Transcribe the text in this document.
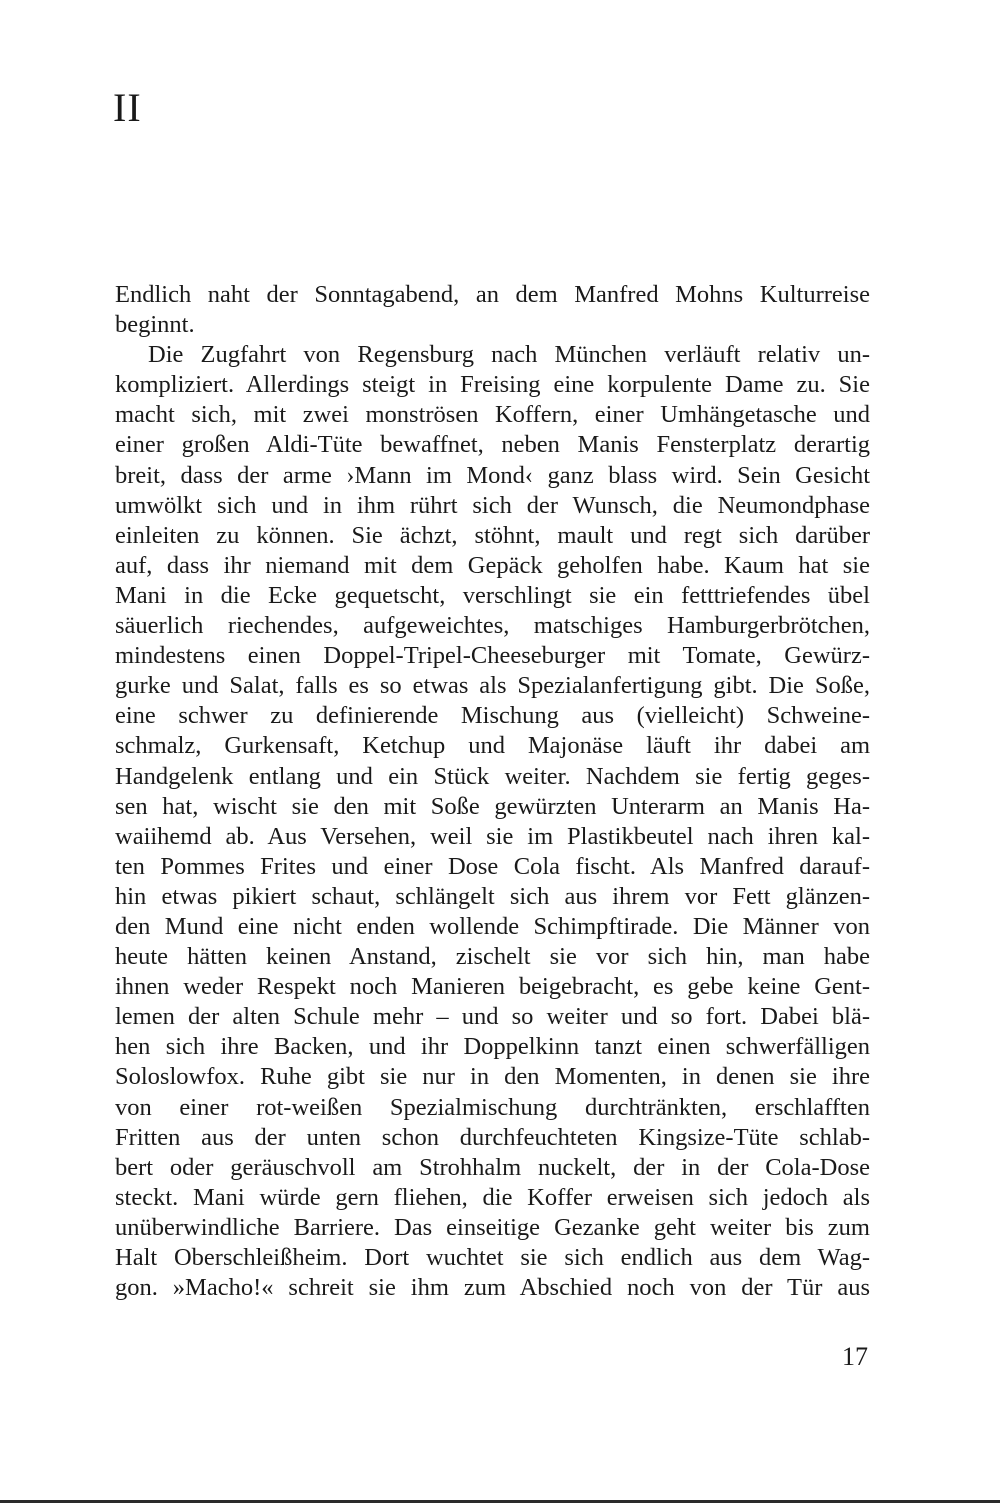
II
Endlich naht der Sonntagabend, an dem Manfred Mohns Kulturreise
beginnt.
Die Zugfahrt von Regensburg nach München verläuft relativ un-
kompliziert. Allerdings steigt in Freising eine korpulente Dame zu. Sie
macht sich, mit zwei monströsen Koffern, einer Umhängetasche und
einer großen Aldi-Tüte bewaffnet, neben Manis Fensterplatz derartig
breit, dass der arme ›Mann im Mond‹ ganz blass wird. Sein Gesicht
umwölkt sich und in ihm rührt sich der Wunsch, die Neumondphase
einleiten zu können. Sie ächzt, stöhnt, mault und regt sich darüber
auf, dass ihr niemand mit dem Gepäck geholfen habe. Kaum hat sie
Mani in die Ecke gequetscht, verschlingt sie ein fetttriefendes übel
säuerlich riechendes, aufgeweichtes, matschiges Hamburgerbrötchen,
mindestens einen Doppel-Tripel-Cheeseburger mit Tomate, Gewürz-
gurke und Salat, falls es so etwas als Spezialanfertigung gibt. Die Soße,
eine schwer zu definierende Mischung aus (vielleicht) Schweine-
schmalz, Gurkensaft, Ketchup und Majonäse läuft ihr dabei am
Handgelenk entlang und ein Stück weiter. Nachdem sie fertig geges-
sen hat, wischt sie den mit Soße gewürzten Unterarm an Manis Ha-
waiihemd ab. Aus Versehen, weil sie im Plastikbeutel nach ihren kal-
ten Pommes Frites und einer Dose Cola fischt. Als Manfred darauf-
hin etwas pikiert schaut, schlängelt sich aus ihrem vor Fett glänzen-
den Mund eine nicht enden wollende Schimpftirade. Die Männer von
heute hätten keinen Anstand, zischelt sie vor sich hin, man habe
ihnen weder Respekt noch Manieren beigebracht, es gebe keine Gent-
lemen der alten Schule mehr – und so weiter und so fort. Dabei blä-
hen sich ihre Backen, und ihr Doppelkinn tanzt einen schwerfälligen
Soloslowfox. Ruhe gibt sie nur in den Momenten, in denen sie ihre
von einer rot-weißen Spezialmischung durchtränkten, erschlafften
Fritten aus der unten schon durchfeuchteten Kingsize-Tüte schlab-
bert oder geräuschvoll am Strohhalm nuckelt, der in der Cola-Dose
steckt. Mani würde gern fliehen, die Koffer erweisen sich jedoch als
unüberwindliche Barriere. Das einseitige Gezanke geht weiter bis zum
Halt Oberschleißheim. Dort wuchtet sie sich endlich aus dem Wag-
gon. »Macho!« schreit sie ihm zum Abschied noch von der Tür aus
17
